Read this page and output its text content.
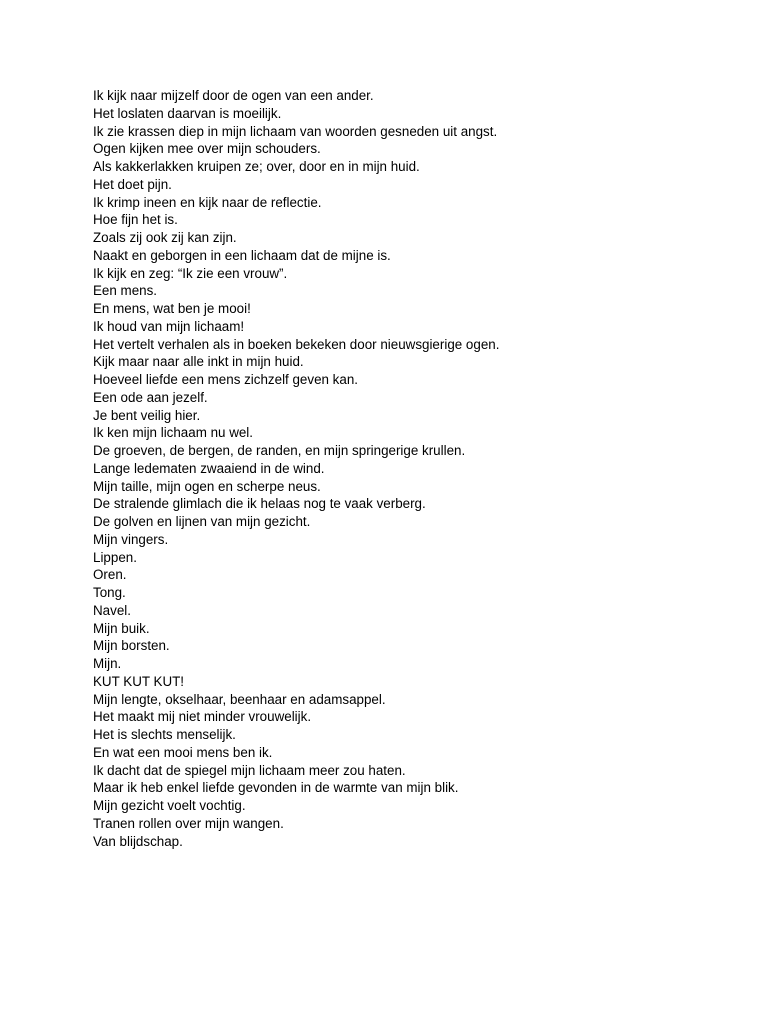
Ik kijk naar mijzelf door de ogen van een ander.
Het loslaten daarvan is moeilijk.
Ik zie krassen diep in mijn lichaam van woorden gesneden uit angst.
Ogen kijken mee over mijn schouders.
Als kakkerlakken kruipen ze; over, door en in mijn huid.
Het doet pijn.
Ik krimp ineen en kijk naar de reflectie.
Hoe fijn het is.
Zoals zij ook zij kan zijn.
Naakt en geborgen in een lichaam dat de mijne is.
Ik kijk en zeg: “Ik zie een vrouw”.
Een mens.
En mens, wat ben je mooi!
Ik houd van mijn lichaam!
Het vertelt verhalen als in boeken bekeken door nieuwsgierige ogen.
Kijk maar naar alle inkt in mijn huid.
Hoeveel liefde een mens zichzelf geven kan.
Een ode aan jezelf.
Je bent veilig hier.
Ik ken mijn lichaam nu wel.
De groeven, de bergen, de randen, en mijn springerige krullen.
Lange ledematen zwaaiend in de wind.
Mijn taille, mijn ogen en scherpe neus.
De stralende glimlach die ik helaas nog te vaak verberg.
De golven en lijnen van mijn gezicht.
Mijn vingers.
Lippen.
Oren.
Tong.
Navel.
Mijn buik.
Mijn borsten.
Mijn.
KUT KUT KUT!
Mijn lengte, okselhaar, beenhaar en adamsappel.
Het maakt mij niet minder vrouwelijk.
Het is slechts menselijk.
En wat een mooi mens ben ik.
Ik dacht dat de spiegel mijn lichaam meer zou haten.
Maar ik heb enkel liefde gevonden in de warmte van mijn blik.
Mijn gezicht voelt vochtig.
Tranen rollen over mijn wangen.
Van blijdschap.
